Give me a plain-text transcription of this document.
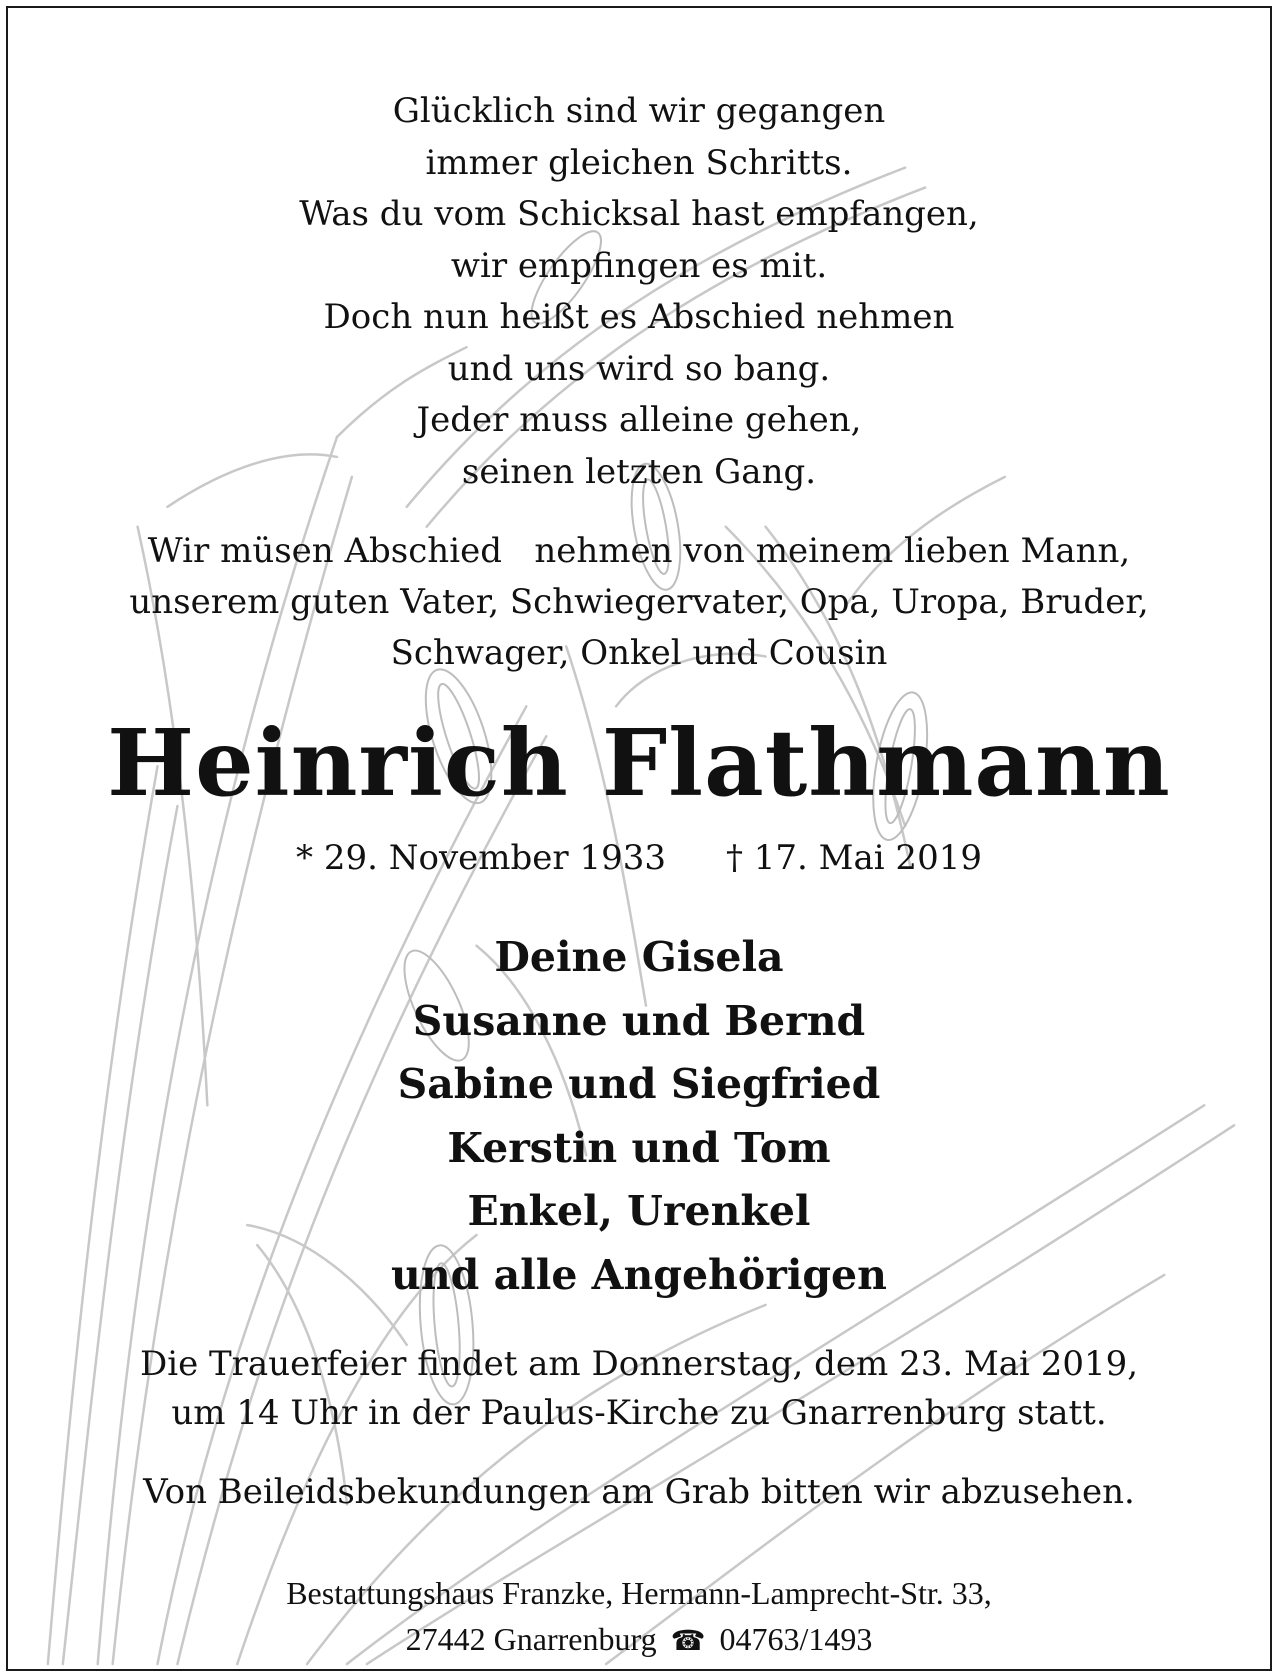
Glücklich sind wir gegangen
immer gleichen Schritts.
Was du vom Schicksal hast empfangen,
wir empfingen es mit.
Doch nun heißt es Abschied nehmen
und uns wird so bang.
Jeder muss alleine gehen,
seinen letzten Gang.
Wir müsen Abschied   nehmen von meinem lieben Mann,
unserem guten Vater, Schwiegervater, Opa, Uropa, Bruder,
Schwager, Onkel und Cousin
Heinrich Flathmann
* 29. November 1933 † 17. Mai 2019
Deine Gisela
Susanne und Bernd
Sabine und Siegfried
Kerstin und Tom
Enkel, Urenkel
und alle Angehörigen
Die Trauerfeier findet am Donnerstag, dem 23. Mai 2019,
um 14 Uhr in der Paulus-Kirche zu Gnarrenburg statt.
Von Beileidsbekundungen am Grab bitten wir abzusehen.
Bestattungshaus Franzke, Hermann-Lamprecht-Str. 33,
27442 Gnarrenburg ☎ 04763/1493
